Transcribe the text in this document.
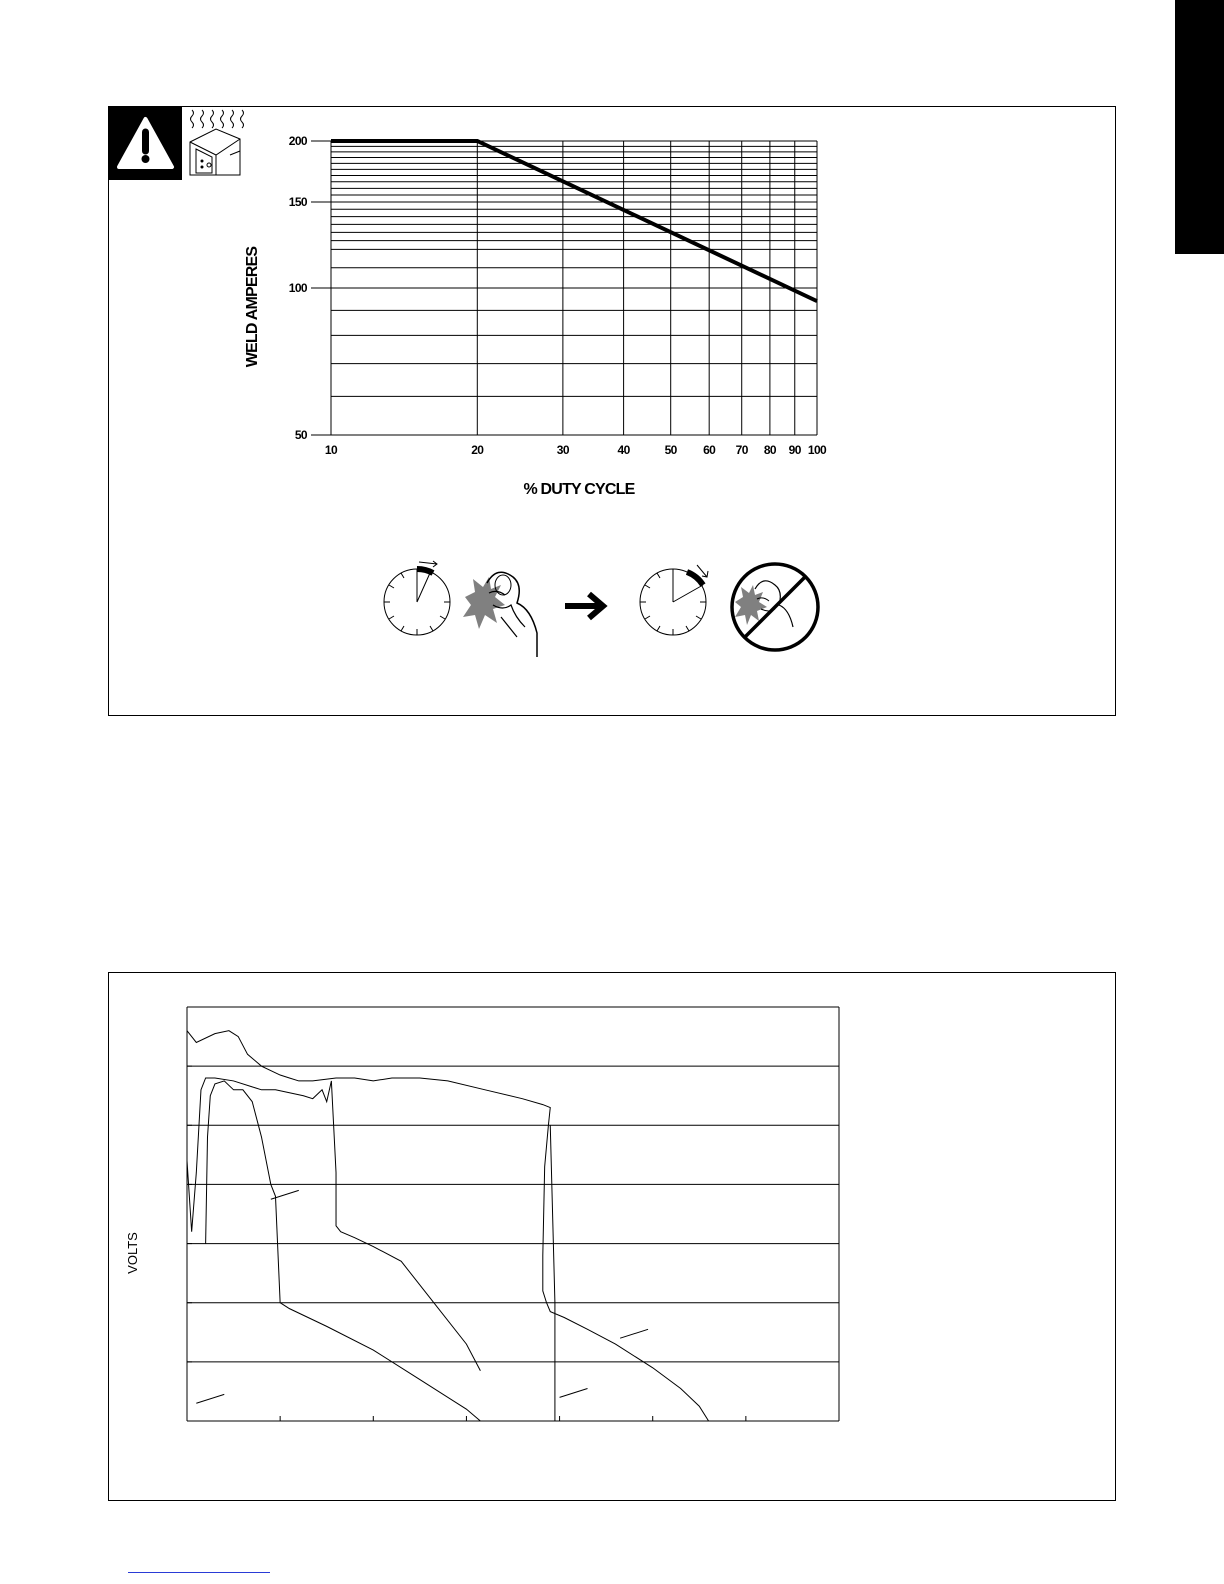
WELD AMPERES
% DUTY CYCLE
10	20	30	40	50 60 70 80 90 100
50
100
150
200
VOLTS
